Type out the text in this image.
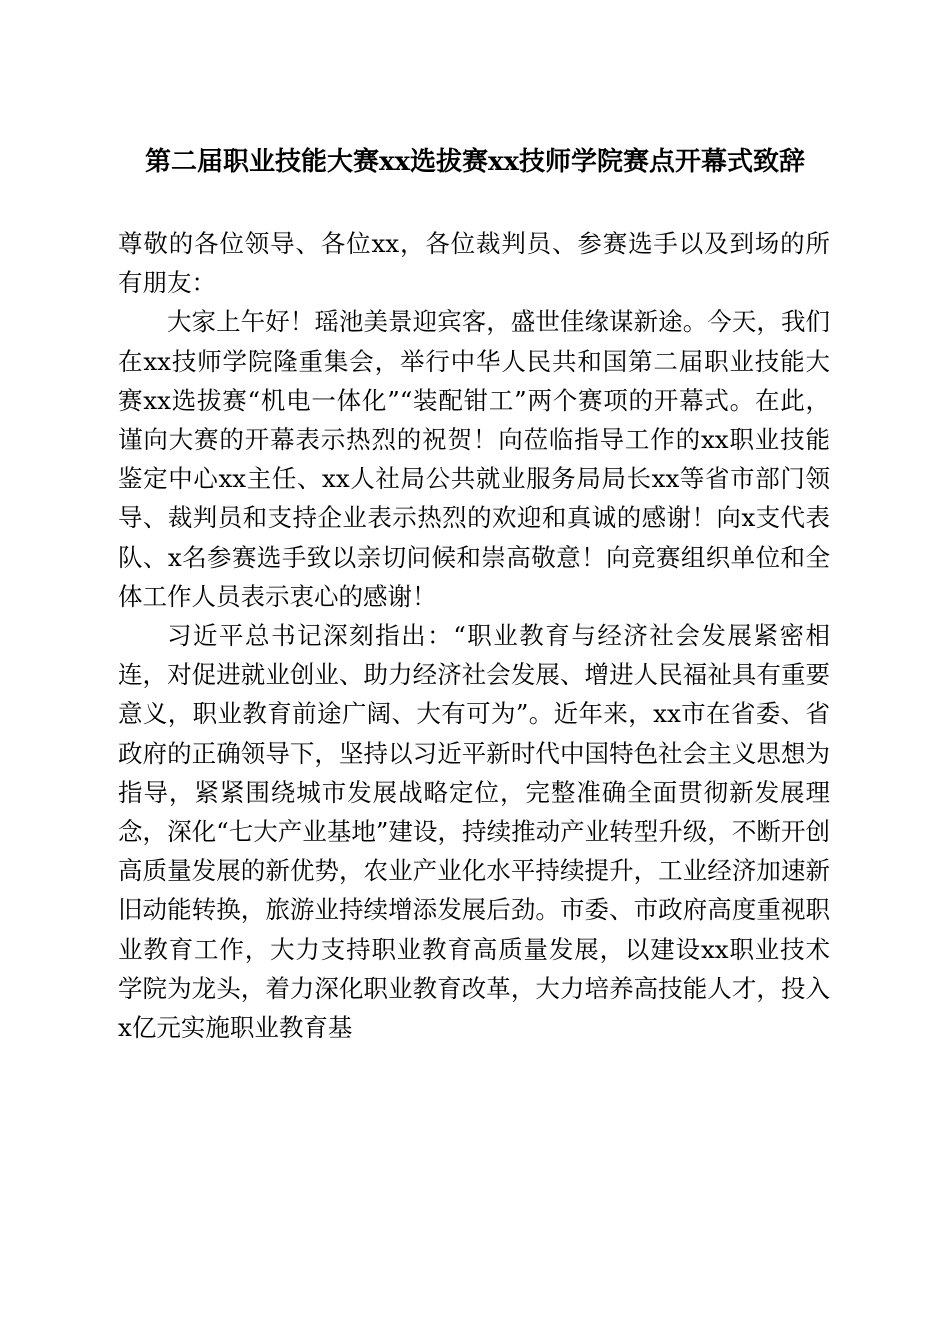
第二届职业技能大赛xx选拔赛xx技师学院赛点开幕式致辞

尊敬的各位领导、各位xx，各位裁判员、参赛选手以及到场的所有朋友：

大家上午好！瑶池美景迎宾客，盛世佳缘谋新途。今天，我们在xx技师学院隆重集会，举行中华人民共和国第二届职业技能大赛xx选拔赛“机电一体化”“装配钳工”两个赛项的开幕式。在此，谨向大赛的开幕表示热烈的祝贺！向莅临指导工作的xx职业技能鉴定中心xx主任、xx人社局公共就业服务局局长xx等省市部门领导、裁判员和支持企业表示热烈的欢迎和真诚的感谢！向x支代表队、x名参赛选手致以亲切问候和崇高敬意！向竞赛组织单位和全体工作人员表示衷心的感谢！

习近平总书记深刻指出：“职业教育与经济社会发展紧密相连，对促进就业创业、助力经济社会发展、增进人民福祉具有重要意义，职业教育前途广阔、大有可为”。近年来，xx市在省委、省政府的正确领导下，坚持以习近平新时代中国特色社会主义思想为指导，紧紧围绕城市发展战略定位，完整准确全面贯彻新发展理念，深化“七大产业基地”建设，持续推动产业转型升级，不断开创高质量发展的新优势，农业产业化水平持续提升，工业经济加速新旧动能转换，旅游业持续增添发展后劲。市委、市政府高度重视职业教育工作，大力支持职业教育高质量发展，以建设xx职业技术学院为龙头，着力深化职业教育改革，大力培养高技能人才，投入x亿元实施职业教育基
